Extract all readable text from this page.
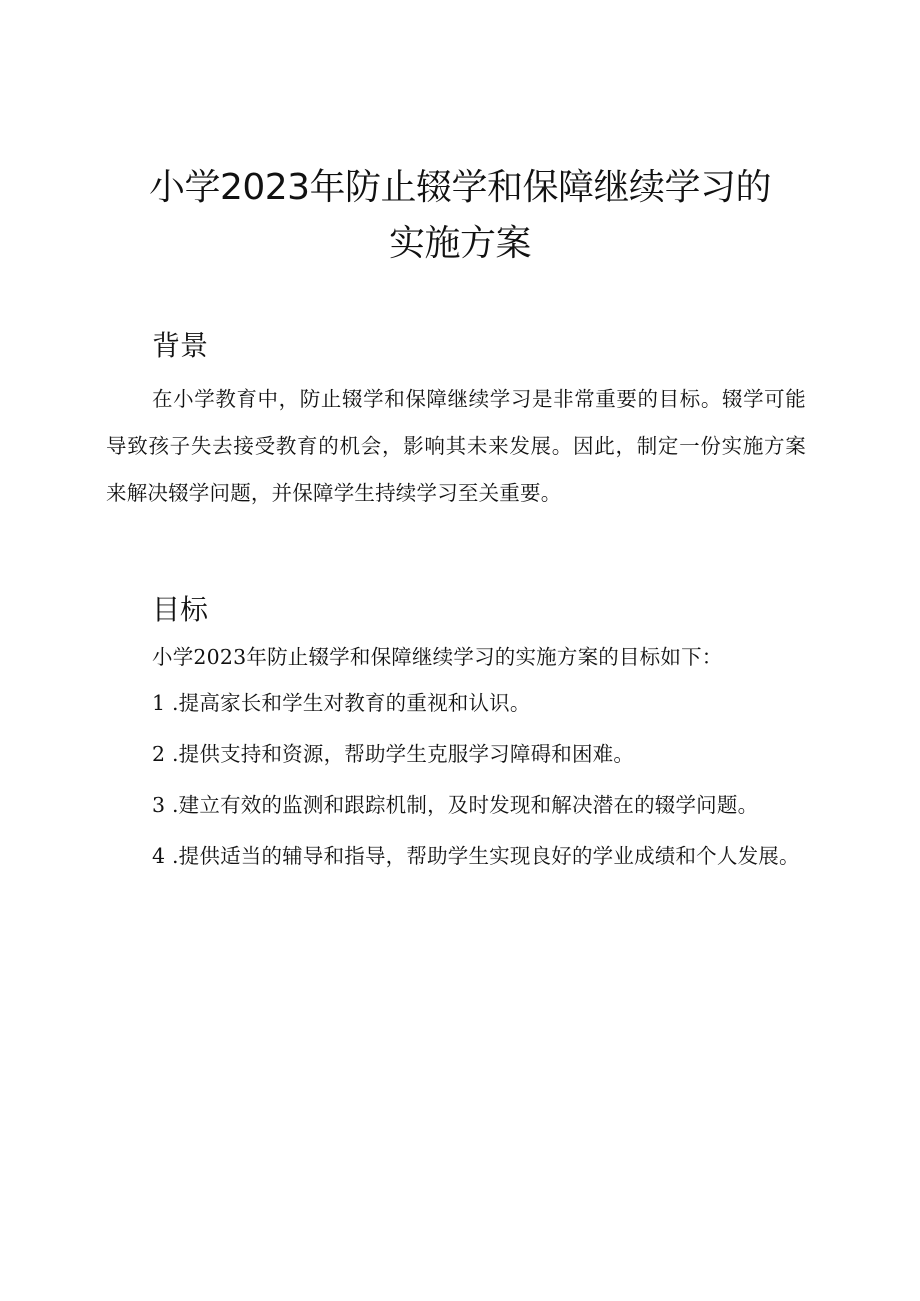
小学2023年防止辍学和保障继续学习的
实施方案
背景

在小学教育中，防止辍学和保障继续学习是非常重要的目标。辍学可能导致孩子失去接受教育的机会，影响其未来发展。因此，制定一份实施方案来解决辍学问题，并保障学生持续学习至关重要。

目标

小学2023年防止辍学和保障继续学习的实施方案的目标如下：

1 .提高家长和学生对教育的重视和认识。
2 .提供支持和资源，帮助学生克服学习障碍和困难。
3 .建立有效的监测和跟踪机制，及时发现和解决潜在的辍学问题。
4 .提供适当的辅导和指导，帮助学生实现良好的学业成绩和个人发展。
